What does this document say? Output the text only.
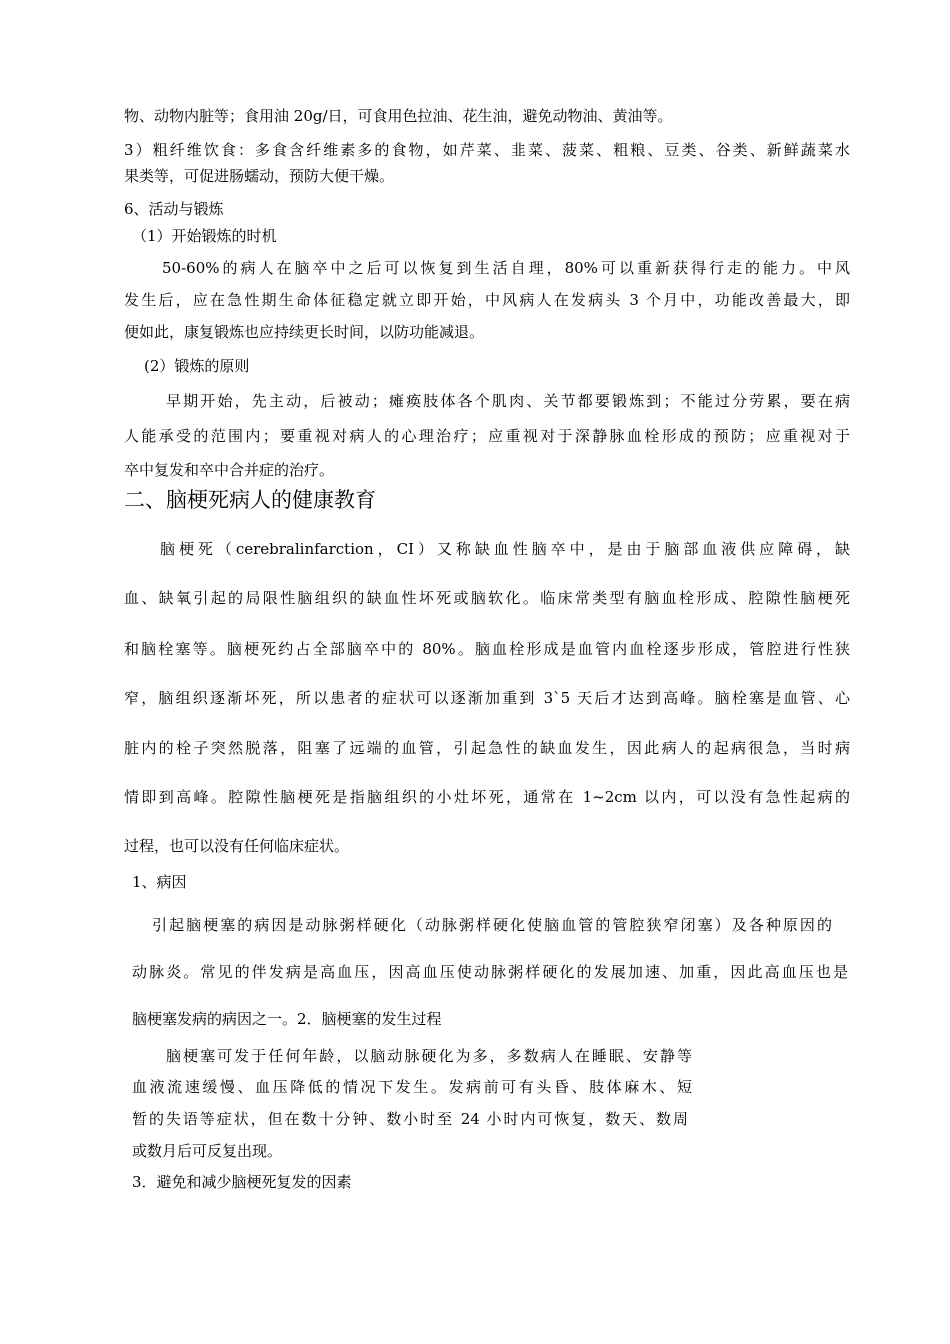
物、动物内脏等；食用油 20g/日，可食用色拉油、花生油，避免动物油、黄油等。
3）粗纤维饮食：多食含纤维素多的食物，如芹菜、韭菜、菠菜、粗粮、豆类、谷类、新鲜蔬菜水
果类等，可促进肠蠕动，预防大便干燥。
6、活动与锻炼
（1）开始锻炼的时机
50-60%的病人在脑卒中之后可以恢复到生活自理，80%可以重新获得行走的能力。中风
发生后，应在急性期生命体征稳定就立即开始，中风病人在发病头 3 个月中，功能改善最大，即
便如此，康复锻炼也应持续更长时间，以防功能减退。
(2）锻炼的原则
早期开始，先主动，后被动；瘫痪肢体各个肌肉、关节都要锻炼到；不能过分劳累，要在病
人能承受的范围内；要重视对病人的心理治疗；应重视对于深静脉血栓形成的预防；应重视对于
卒中复发和卒中合并症的治疗。
二、脑梗死病人的健康教育
脑梗死（cerebralinfarction，CI）又称缺血性脑卒中，是由于脑部血液供应障碍，缺
血、缺氧引起的局限性脑组织的缺血性坏死或脑软化。临床常类型有脑血栓形成、腔隙性脑梗死
和脑栓塞等。脑梗死约占全部脑卒中的 80%。脑血栓形成是血管内血栓逐步形成，管腔进行性狭
窄，脑组织逐渐坏死，所以患者的症状可以逐渐加重到 3`5 天后才达到高峰。脑栓塞是血管、心
脏内的栓子突然脱落，阻塞了远端的血管，引起急性的缺血发生，因此病人的起病很急，当时病
情即到高峰。腔隙性脑梗死是指脑组织的小灶坏死，通常在 1~2cm 以内，可以没有急性起病的
过程，也可以没有任何临床症状。
1、病因
引起脑梗塞的病因是动脉粥样硬化（动脉粥样硬化使脑血管的管腔狭窄闭塞）及各种原因的
动脉炎。常见的伴发病是高血压，因高血压使动脉粥样硬化的发展加速、加重，因此高血压也是
脑梗塞发病的病因之一。2．脑梗塞的发生过程
脑梗塞可发于任何年龄，以脑动脉硬化为多，多数病人在睡眠、安静等
血液流速缓慢、血压降低的情况下发生。发病前可有头昏、肢体麻木、短
暂的失语等症状，但在数十分钟、数小时至 24 小时内可恢复，数天、数周
或数月后可反复出现。
3．避免和减少脑梗死复发的因素
